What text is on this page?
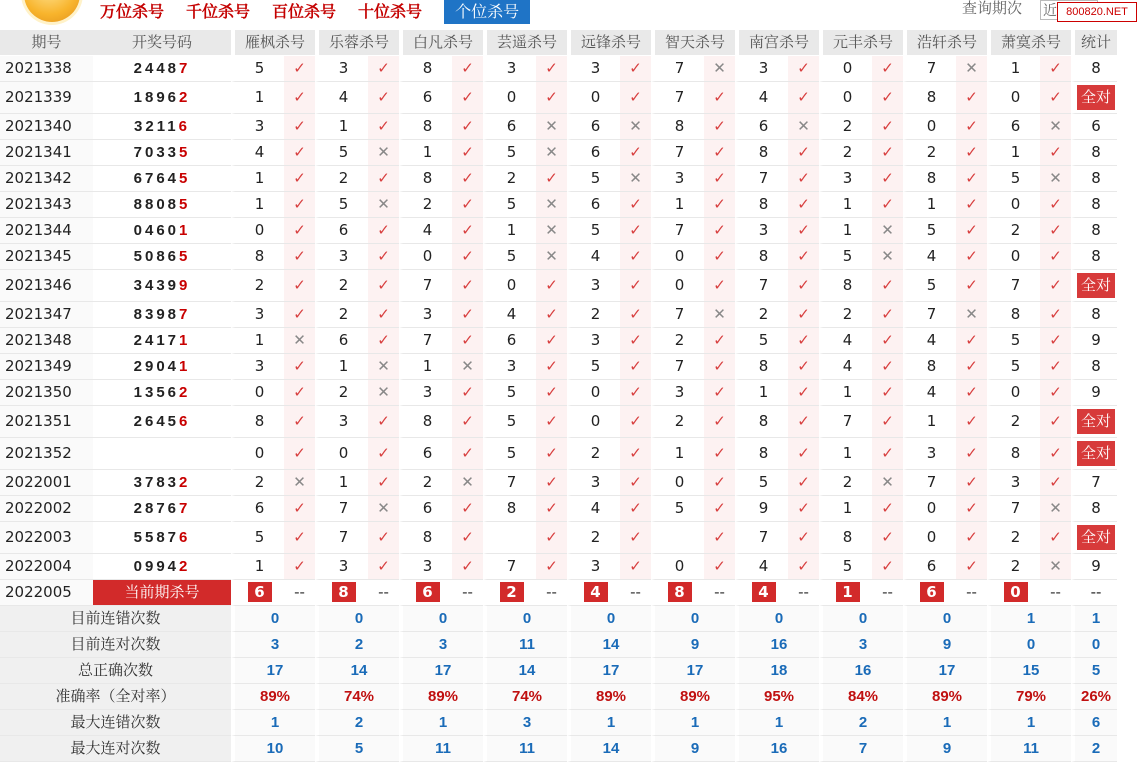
万位杀号 千位杀号 百位杀号 十位杀号	个位杀号	查询期次 近 800820.NET
期号	开奖号码	雁枫杀号		乐蓉杀号		白凡杀号		芸遥杀号		远锋杀号		智天杀号		南宫杀号		元丰杀号		浩轩杀号		萧寞杀号		统计
2021338	24487	5	✓	3	✓	8	✓	3	✓	3	✓	7	✕	3	✓	0	✓	7	✕	1	✓	8
2021339	18962	1	✓	4	✓	6	✓	0	✓	0	✓	7	✓	4	✓	0	✓	8	✓	0	✓	全对
2021340	32116	3	✓	1	✓	8	✓	6	✕	6	✕	8	✓	6	✕	2	✓	0	✓	6	✕	6
2021341	70335	4	✓	5	✕	1	✓	5	✕	6	✓	7	✓	8	✓	2	✓	2	✓	1	✓	8
2021342	67645	1	✓	2	✓	8	✓	2	✓	5	✕	3	✓	7	✓	3	✓	8	✓	5	✕	8
2021343	88085	1	✓	5	✕	2	✓	5	✕	6	✓	1	✓	8	✓	1	✓	1	✓	0	✓	8
2021344	04601	0	✓	6	✓	4	✓	1	✕	5	✓	7	✓	3	✓	1	✕	5	✓	2	✓	8
2021345	50865	8	✓	3	✓	0	✓	5	✕	4	✓	0	✓	8	✓	5	✕	4	✓	0	✓	8
2021346	34399	2	✓	2	✓	7	✓	0	✓	3	✓	0	✓	7	✓	8	✓	5	✓	7	✓	全对
2021347	83987	3	✓	2	✓	3	✓	4	✓	2	✓	7	✕	2	✓	2	✓	7	✕	8	✓	8
2021348	24171	1	✕	6	✓	7	✓	6	✓	3	✓	2	✓	5	✓	4	✓	4	✓	5	✓	9
2021349	29041	3	✓	1	✕	1	✕	3	✓	5	✓	7	✓	8	✓	4	✓	8	✓	5	✓	8
2021350	13562	0	✓	2	✕	3	✓	5	✓	0	✓	3	✓	1	✓	1	✓	4	✓	0	✓	9
2021351	26456	8	✓	3	✓	8	✓	5	✓	0	✓	2	✓	8	✓	7	✓	1	✓	2	✓	全对
2021352		0	✓	0	✓	6	✓	5	✓	2	✓	1	✓	8	✓	1	✓	3	✓	8	✓	全对
2022001	37832	2	✕	1	✓	2	✕	7	✓	3	✓	0	✓	5	✓	2	✕	7	✓	3	✓	7
2022002	28767	6	✓	7	✕	6	✓	8	✓	4	✓	5	✓	9	✓	1	✓	0	✓	7	✕	8
2022003	55876	5	✓	7	✓	8	✓		✓	2	✓		✓	7	✓	8	✓	0	✓	2	✓	全对
2022004	09942	1	✓	3	✓	3	✓	7	✓	3	✓	0	✓	4	✓	5	✓	6	✓	2	✕	9
2022005	当前期杀号	6	--	8	--	6	--	2	--	4	--	8	--	4	--	1	--	6	--	0	--	--
目前连错次数		0		0		0		0		0		0		0		0		0		1		1
目前连对次数		3		2		3		11		14		9		16		3		9		0		0
总正确次数		17		14		17		14		17		17		18		16		17		15		5
准确率（全对率）		89%		74%		89%		74%		89%		89%		95%		84%		89%		79%		26%
最大连错次数		1		2		1		3		1		1		1		2		1		1		6
最大连对次数		10		5		11		11		14		9		16		7		9		11		2
